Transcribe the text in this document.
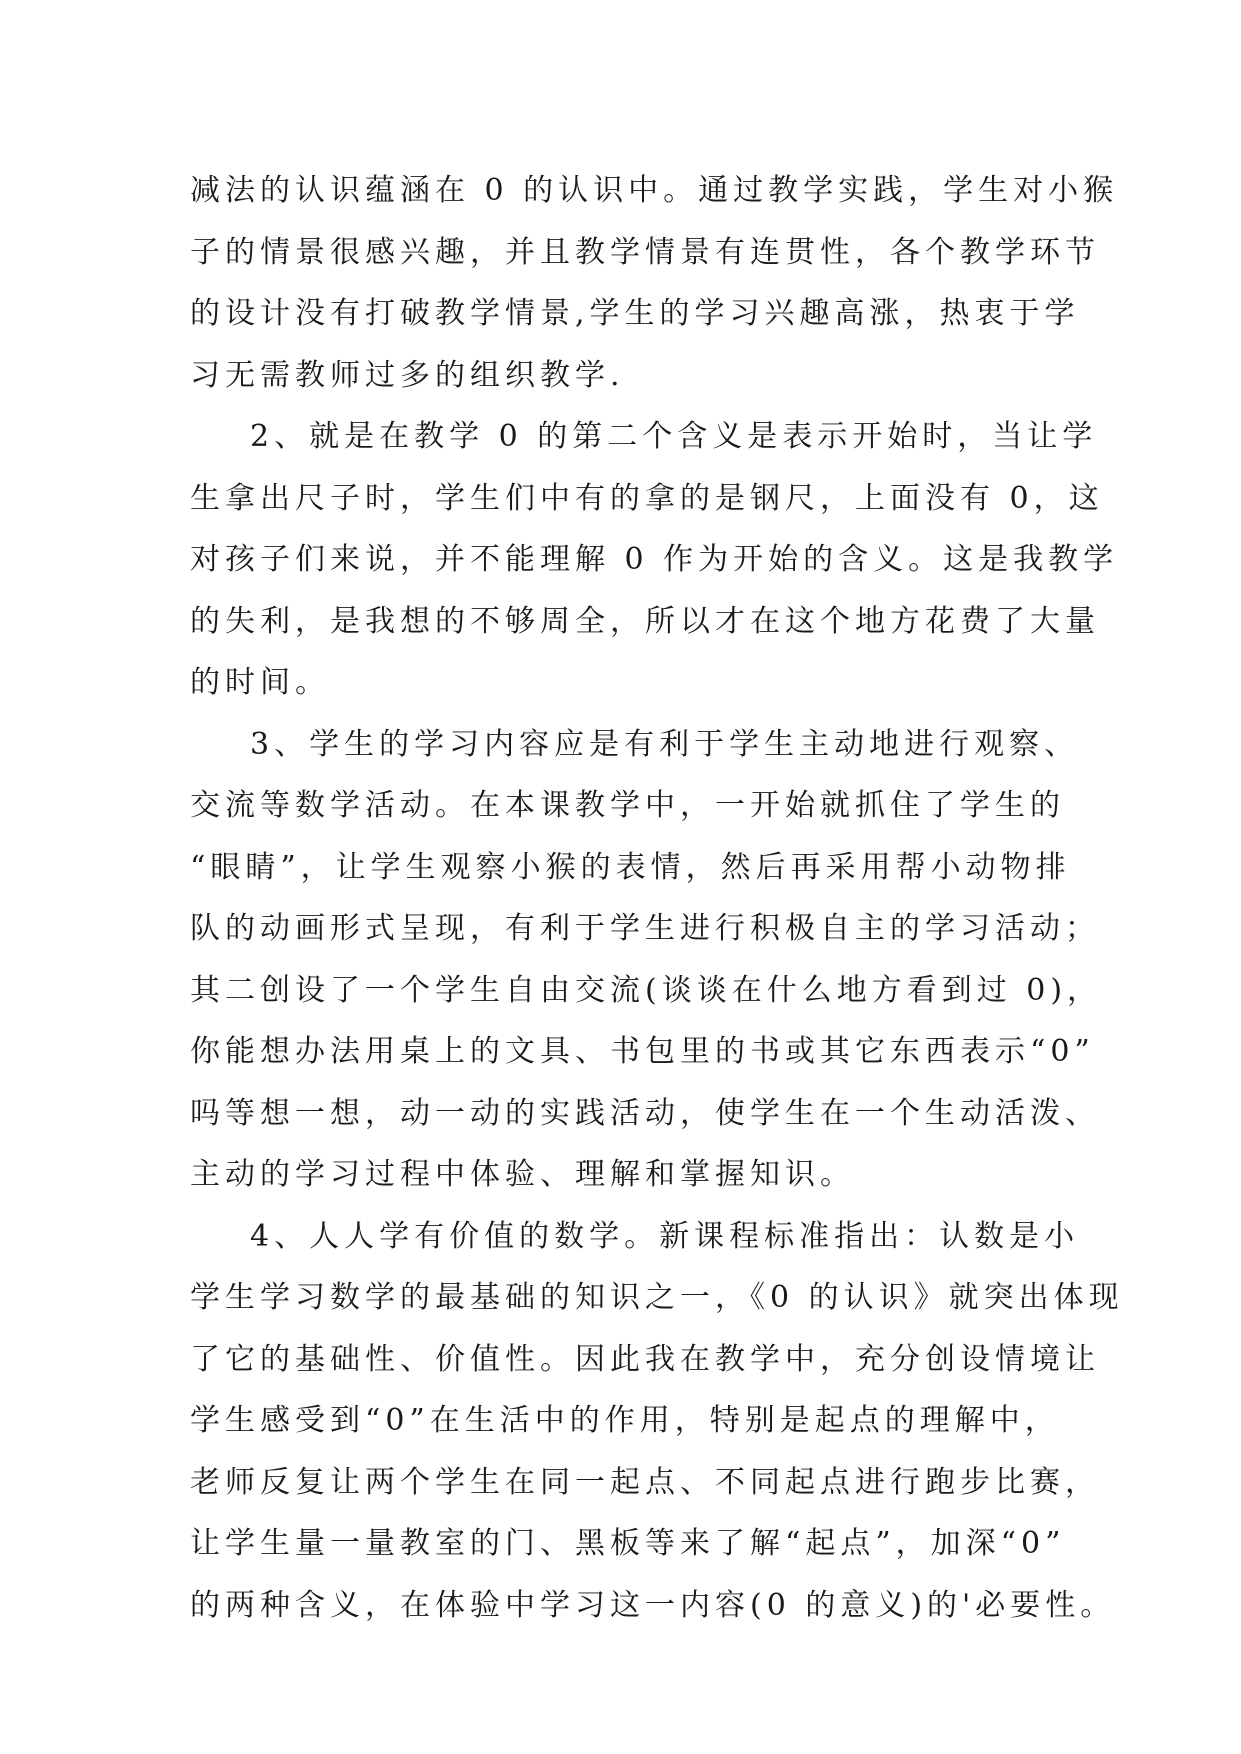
减法的认识蕴涵在 0 的认识中。通过教学实践，学生对小猴
子的情景很感兴趣，并且教学情景有连贯性，各个教学环节
的设计没有打破教学情景,学生的学习兴趣高涨，热衷于学
习无需教师过多的组织教学.
2、就是在教学 0 的第二个含义是表示开始时，当让学
生拿出尺子时，学生们中有的拿的是钢尺，上面没有 0，这
对孩子们来说，并不能理解 0 作为开始的含义。这是我教学
的失利，是我想的不够周全，所以才在这个地方花费了大量
的时间。
3、学生的学习内容应是有利于学生主动地进行观察、
交流等数学活动。在本课教学中，一开始就抓住了学生的
“眼睛”，让学生观察小猴的表情，然后再采用帮小动物排
队的动画形式呈现，有利于学生进行积极自主的学习活动；
其二创设了一个学生自由交流(谈谈在什么地方看到过 0)，
你能想办法用桌上的文具、书包里的书或其它东西表示“0”
吗等想一想，动一动的实践活动，使学生在一个生动活泼、
主动的学习过程中体验、理解和掌握知识。
4、人人学有价值的数学。新课程标准指出：认数是小
学生学习数学的最基础的知识之一，《0 的认识》就突出体现
了它的基础性、价值性。因此我在教学中，充分创设情境让
学生感受到“0”在生活中的作用，特别是起点的理解中，
老师反复让两个学生在同一起点、不同起点进行跑步比赛，
让学生量一量教室的门、黑板等来了解“起点”，加深“0”
的两种含义，在体验中学习这一内容(0 的意义)的'必要性。
